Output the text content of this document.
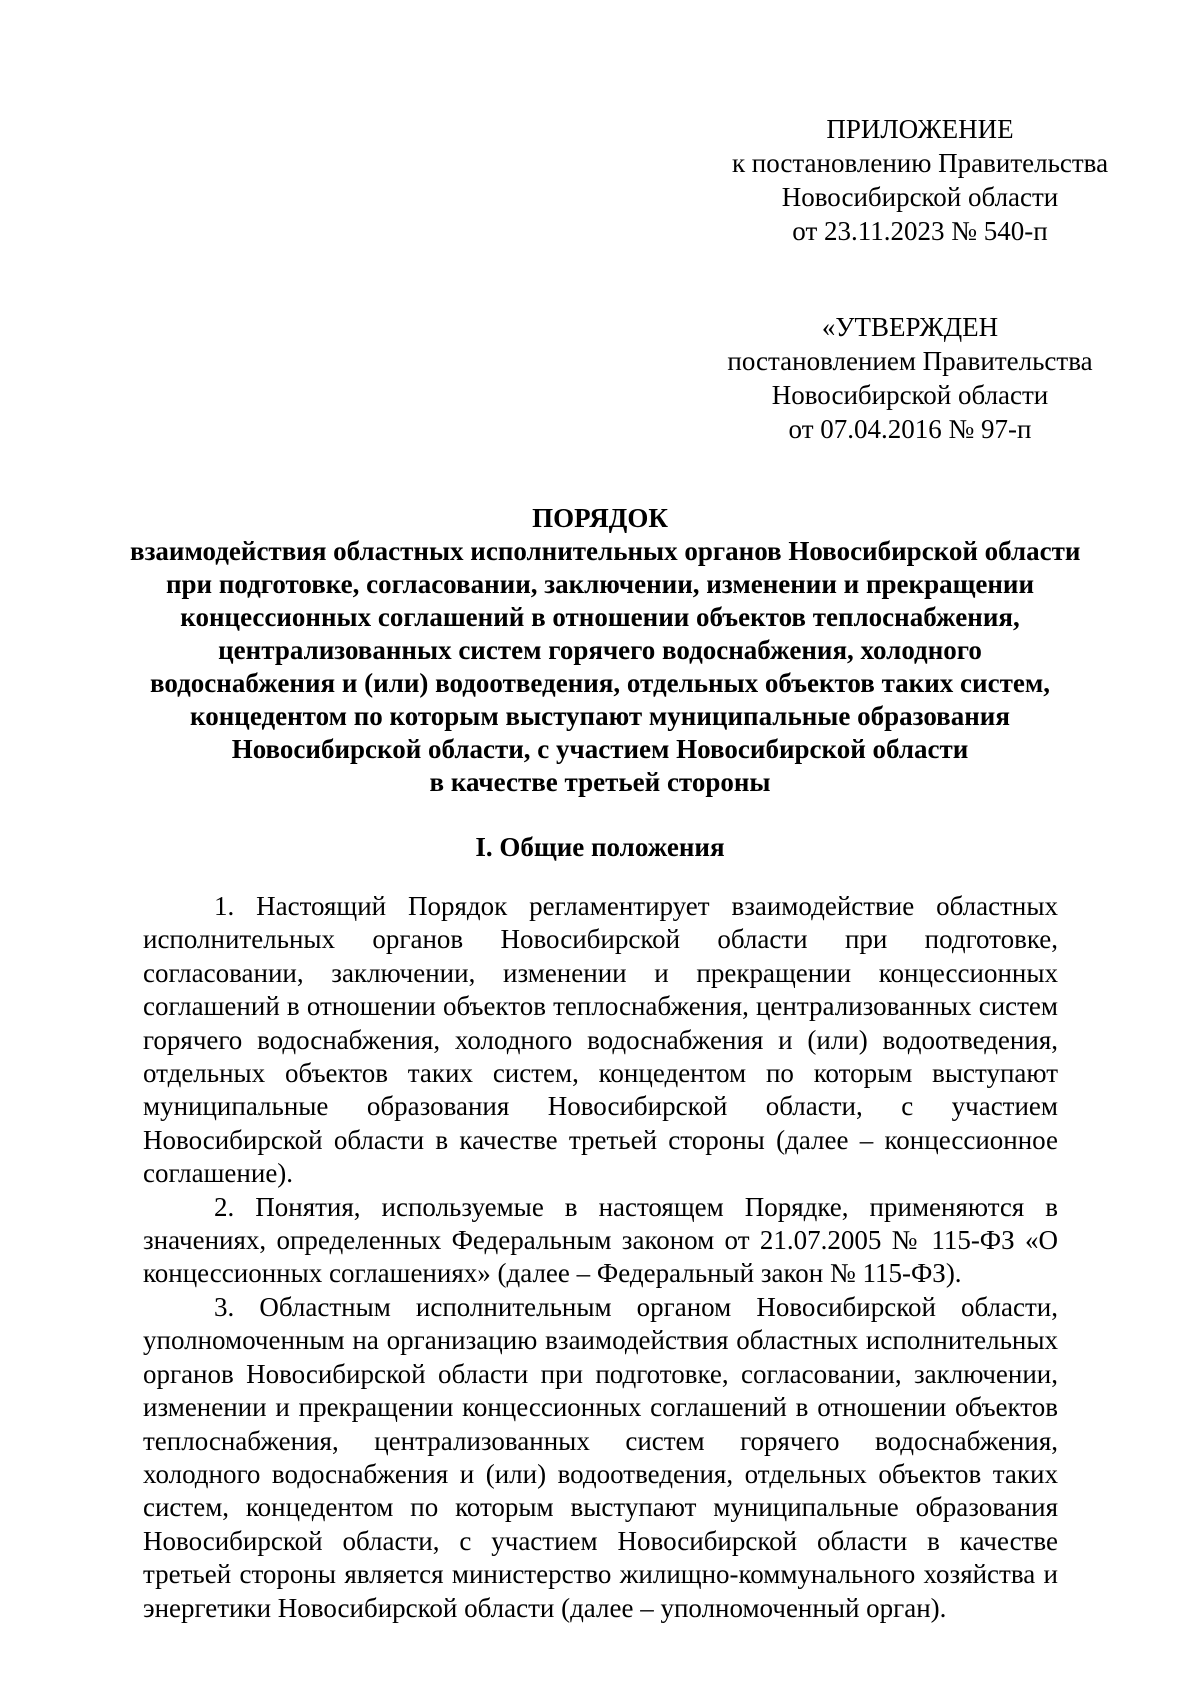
ПРИЛОЖЕНИЕ
к постановлению Правительства
Новосибирской области
от 23.11.2023 № 540-п
«УТВЕРЖДЕН
постановлением Правительства
Новосибирской области
от 07.04.2016 № 97-п
ПОРЯДОК
взаимодействия областных исполнительных органов Новосибирской области
при подготовке, согласовании, заключении, изменении и прекращении
концессионных соглашений в отношении объектов теплоснабжения,
централизованных систем горячего водоснабжения, холодного
водоснабжения и (или) водоотведения, отдельных объектов таких систем,
концедентом по которым выступают муниципальные образования
Новосибирской области, с участием Новосибирской области
в качестве третьей стороны
I. Общие положения

1. Настоящий Порядок регламентирует взаимодействие областных исполнительных органов Новосибирской области при подготовке, согласовании, заключении, изменении и прекращении концессионных соглашений в отношении объектов теплоснабжения, централизованных систем горячего водоснабжения, холодного водоснабжения и (или) водоотведения, отдельных объектов таких систем, концедентом по которым выступают муниципальные образования Новосибирской области, с участием Новосибирской области в качестве третьей стороны (далее – концессионное соглашение).

2. Понятия, используемые в настоящем Порядке, применяются в значениях, определенных Федеральным законом от 21.07.2005 № 115-ФЗ «О концессионных соглашениях» (далее – Федеральный закон № 115-ФЗ).

3. Областным исполнительным органом Новосибирской области, уполномоченным на организацию взаимодействия областных исполнительных органов Новосибирской области при подготовке, согласовании, заключении, изменении и прекращении концессионных соглашений в отношении объектов теплоснабжения, централизованных систем горячего водоснабжения, холодного водоснабжения и (или) водоотведения, отдельных объектов таких систем, концедентом по которым выступают муниципальные образования Новосибирской области, с участием Новосибирской области в качестве третьей стороны является министерство жилищно-коммунального хозяйства и энергетики Новосибирской области (далее – уполномоченный орган).
